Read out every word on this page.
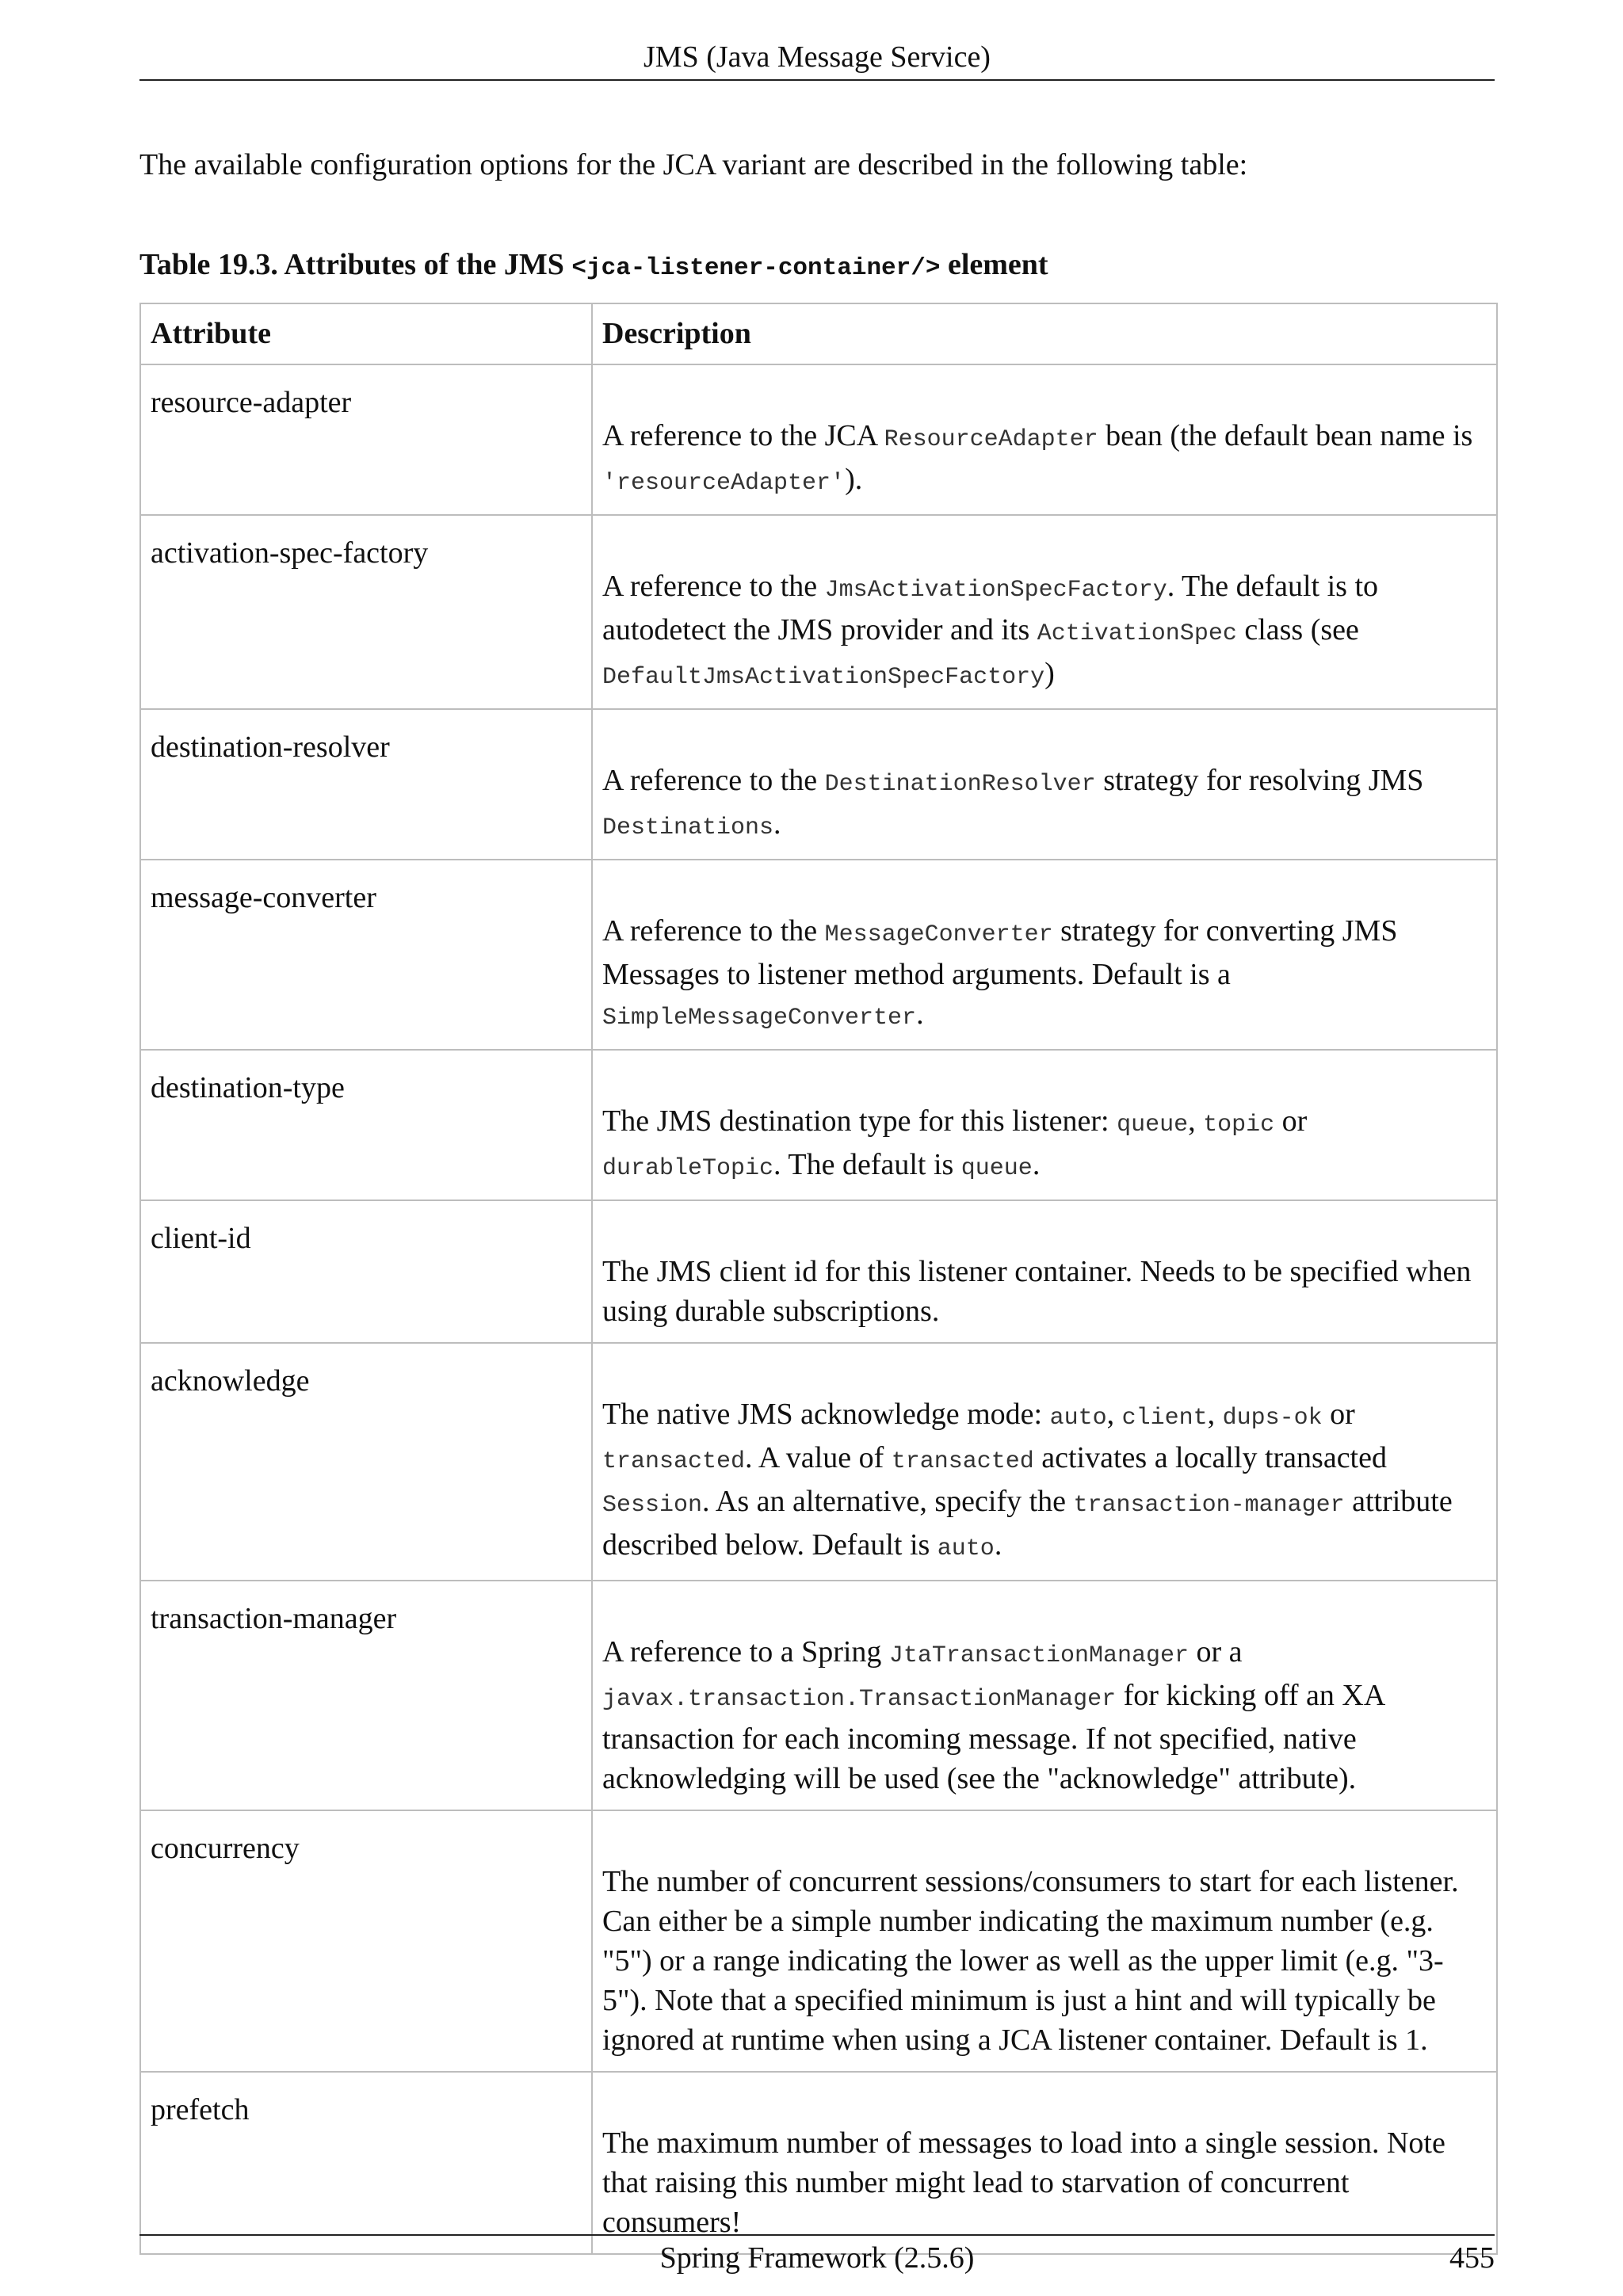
JMS (Java Message Service)

The available configuration options for the JCA variant are described in the following table:

Table 19.3. Attributes of the JMS <jca-listener-container/> element
Attribute	Description
resource-adapter	A reference to the JCA ResourceAdapter bean (the default bean name is 'resourceAdapter').
activation-spec-factory	A reference to the JmsActivationSpecFactory. The default is to autodetect the JMS provider and its ActivationSpec class (see DefaultJmsActivationSpecFactory)
destination-resolver	A reference to the DestinationResolver strategy for resolving JMS Destinations.
message-converter	A reference to the MessageConverter strategy for converting JMS Messages to listener method arguments. Default is a SimpleMessageConverter.
destination-type	The JMS destination type for this listener: queue, topic or durableTopic. The default is queue.
client-id	The JMS client id for this listener container. Needs to be specified when using durable subscriptions.
acknowledge	The native JMS acknowledge mode: auto, client, dups-ok or transacted. A value of transacted activates a locally transacted Session. As an alternative, specify the transaction-manager attribute described below. Default is auto.
transaction-manager	A reference to a Spring JtaTransactionManager or a javax.transaction.TransactionManager for kicking off an XA transaction for each incoming message. If not specified, native acknowledging will be used (see the "acknowledge" attribute).
concurrency	The number of concurrent sessions/consumers to start for each listener. Can either be a simple number indicating the maximum number (e.g. "5") or a range indicating the lower as well as the upper limit (e.g. "3-5"). Note that a specified minimum is just a hint and will typically be ignored at runtime when using a JCA listener container. Default is 1.
prefetch	The maximum number of messages to load into a single session. Note that raising this number might lead to starvation of concurrent consumers!
Spring Framework (2.5.6)	455
